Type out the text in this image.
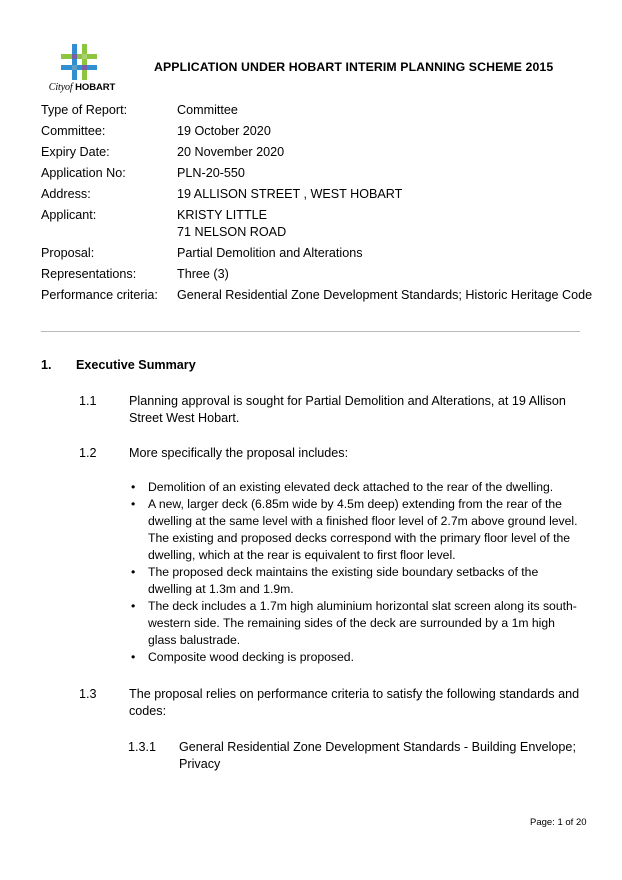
Cityof HOBART
APPLICATION UNDER HOBART INTERIM PLANNING SCHEME 2015
Type of Report:	Committee
Committee:	19 October 2020
Expiry Date:	20 November 2020
Application No:	PLN-20-550
Address:	19 ALLISON STREET , WEST HOBART
Applicant:	KRISTY LITTLE
71 NELSON ROAD
Proposal:	Partial Demolition and Alterations
Representations:	Three (3)
Performance criteria:	General Residential Zone Development Standards; Historic Heritage Code
1. Executive Summary
1.1	Planning approval is sought for Partial Demolition and Alterations, at 19 Allison Street West Hobart.
1.2	More specifically the proposal includes:
• Demolition of an existing elevated deck attached to the rear of the dwelling.
• A new, larger deck (6.85m wide by 4.5m deep) extending from the rear of the dwelling at the same level with a finished floor level of 2.7m above ground level. The existing and proposed decks correspond with the primary floor level of the dwelling, which at the rear is equivalent to first floor level.
• The proposed deck maintains the existing side boundary setbacks of the dwelling at 1.3m and 1.9m.
• The deck includes a 1.7m high aluminium horizontal slat screen along its south-western side. The remaining sides of the deck are surrounded by a 1m high glass balustrade.
• Composite wood decking is proposed.
1.3	The proposal relies on performance criteria to satisfy the following standards and codes:
1.3.1	General Residential Zone Development Standards - Building Envelope; Privacy
Page: 1 of 20
